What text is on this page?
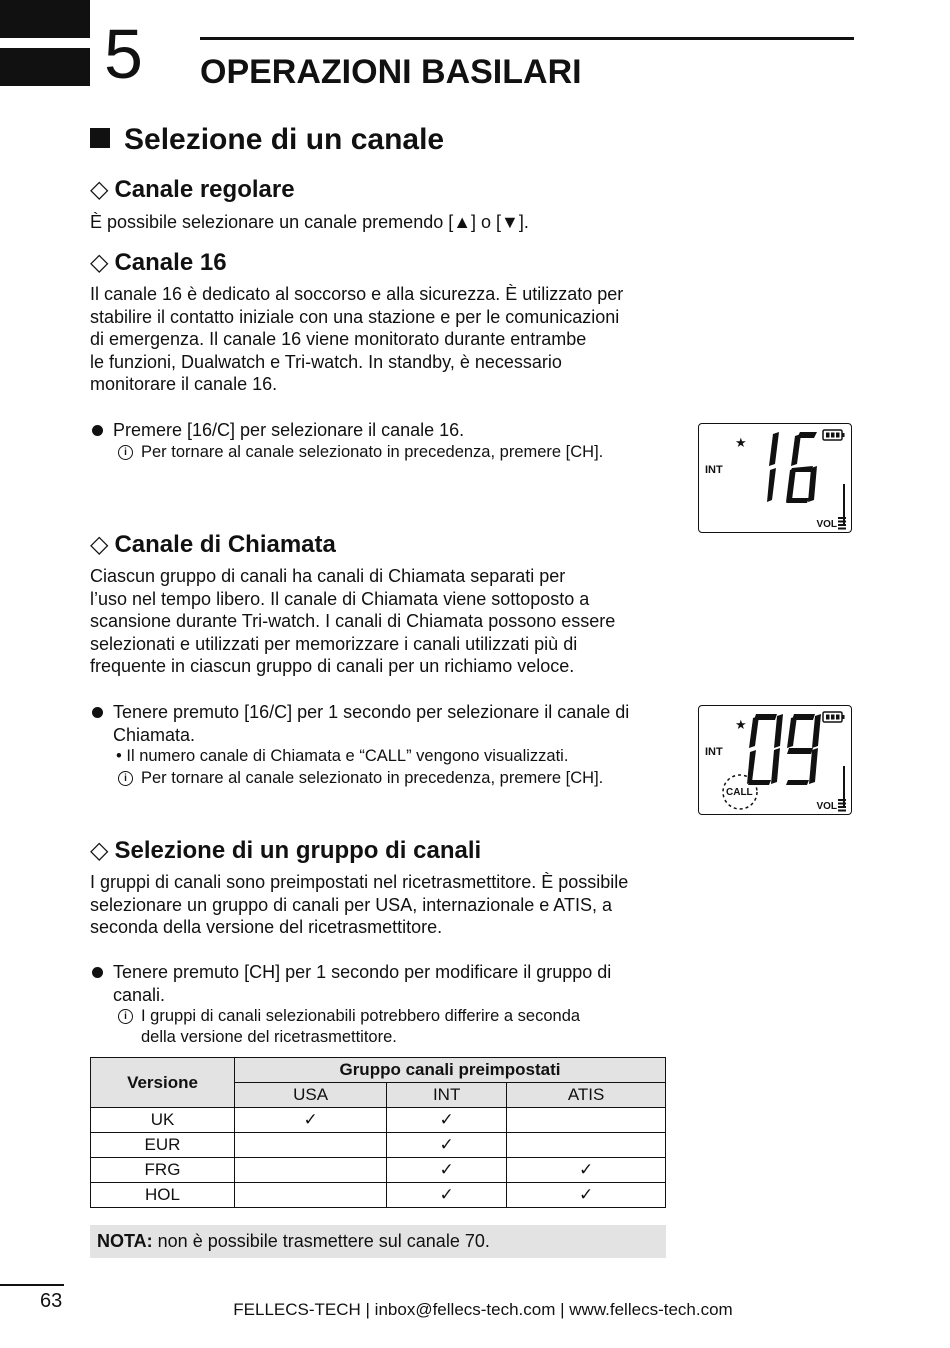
5 OPERAZIONI BASILARI
Selezione di un canale
◇ Canale regolare
È possibile selezionare un canale premendo [▲] o [▼].
◇ Canale 16
Il canale 16 è dedicato al soccorso e alla sicurezza. È utilizzato per
stabilire il contatto iniziale con una stazione e per le comunicazioni
di emergenza. Il canale 16 viene monitorato durante entrambe
le funzioni, Dualwatch e Tri-watch. In standby, è necessario
monitorare il canale 16.
Premere [16/C] per selezionare il canale 16.
i Per tornare al canale selezionato in precedenza, premere [CH].
INT
★
VOL
◇ Canale di Chiamata
Ciascun gruppo di canali ha canali di Chiamata separati per
l’uso nel tempo libero. Il canale di Chiamata viene sottoposto a
scansione durante Tri-watch. I canali di Chiamata possono essere
selezionati e utilizzati per memorizzare i canali utilizzati più di
frequente in ciascun gruppo di canali per un richiamo veloce.
Tenere premuto [16/C] per 1 secondo per selezionare il canale di
Chiamata.
• Il numero canale di Chiamata e “CALL” vengono visualizzati.
i Per tornare al canale selezionato in precedenza, premere [CH].
INT
★
CALL
VOL
◇ Selezione di un gruppo di canali
I gruppi di canali sono preimpostati nel ricetrasmettitore. È possibile
selezionare un gruppo di canali per USA, internazionale e ATIS, a
seconda della versione del ricetrasmettitore.
Tenere premuto [CH] per 1 secondo per modificare il gruppo di
canali.
i I gruppi di canali selezionabili potrebbero differire a seconda
della versione del ricetrasmettitore.
Versione	Gruppo canali preimpostati		
	USA	INT	ATIS
UK	✓	✓	
EUR		✓	
FRG		✓	✓
HOL		✓	✓
NOTA: non è possibile trasmettere sul canale 70.
63	FELLECS-TECH | inbox@fellecs-tech.com | www.fellecs-tech.com
